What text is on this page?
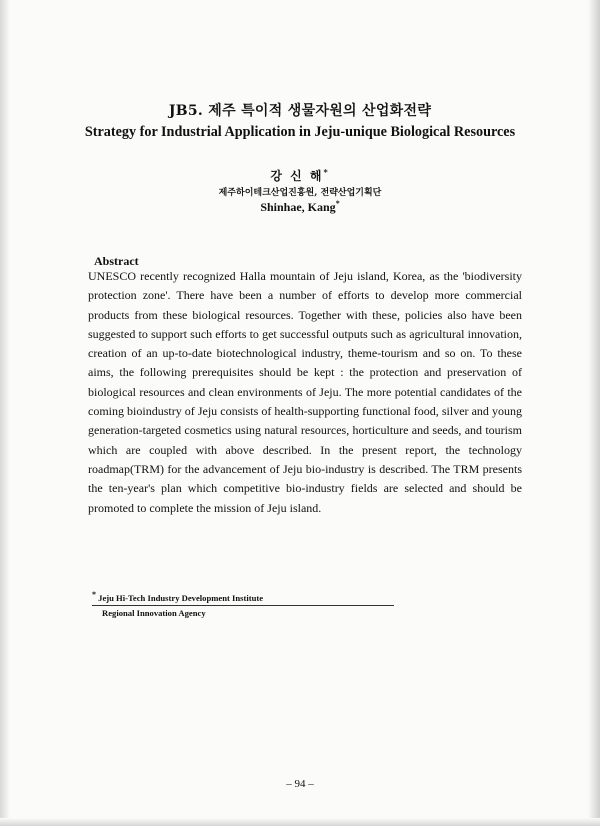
JB5. 제주 특이적 생물자원의 산업화전략
Strategy for Industrial Application in Jeju-unique Biological Resources
강 신 해*
제주하이테크산업진흥원, 전략산업기획단
Shinhae, Kang*
Abstract
UNESCO recently recognized Halla mountain of Jeju island, Korea, as the 'biodiversity protection zone'. There have been a number of efforts to develop more commercial products from these biological resources. Together with these, policies also have been suggested to support such efforts to get successful outputs such as agricultural innovation, creation of an up-to-date biotechnological industry, theme-tourism and so on. To these aims, the following prerequisites should be kept : the protection and preservation of biological resources and clean environments of Jeju. The more potential candidates of the coming bioindustry of Jeju consists of health-supporting functional food, silver and young generation-targeted cosmetics using natural resources, horticulture and seeds, and tourism which are coupled with above described. In the present report, the technology roadmap(TRM) for the advancement of Jeju bio-industry is described. The TRM presents the ten-year's plan which competitive bio-industry fields are selected and should be promoted to complete the mission of Jeju island.
* Jeju Hi-Tech Industry Development Institute
Regional Innovation Agency
– 94 –
